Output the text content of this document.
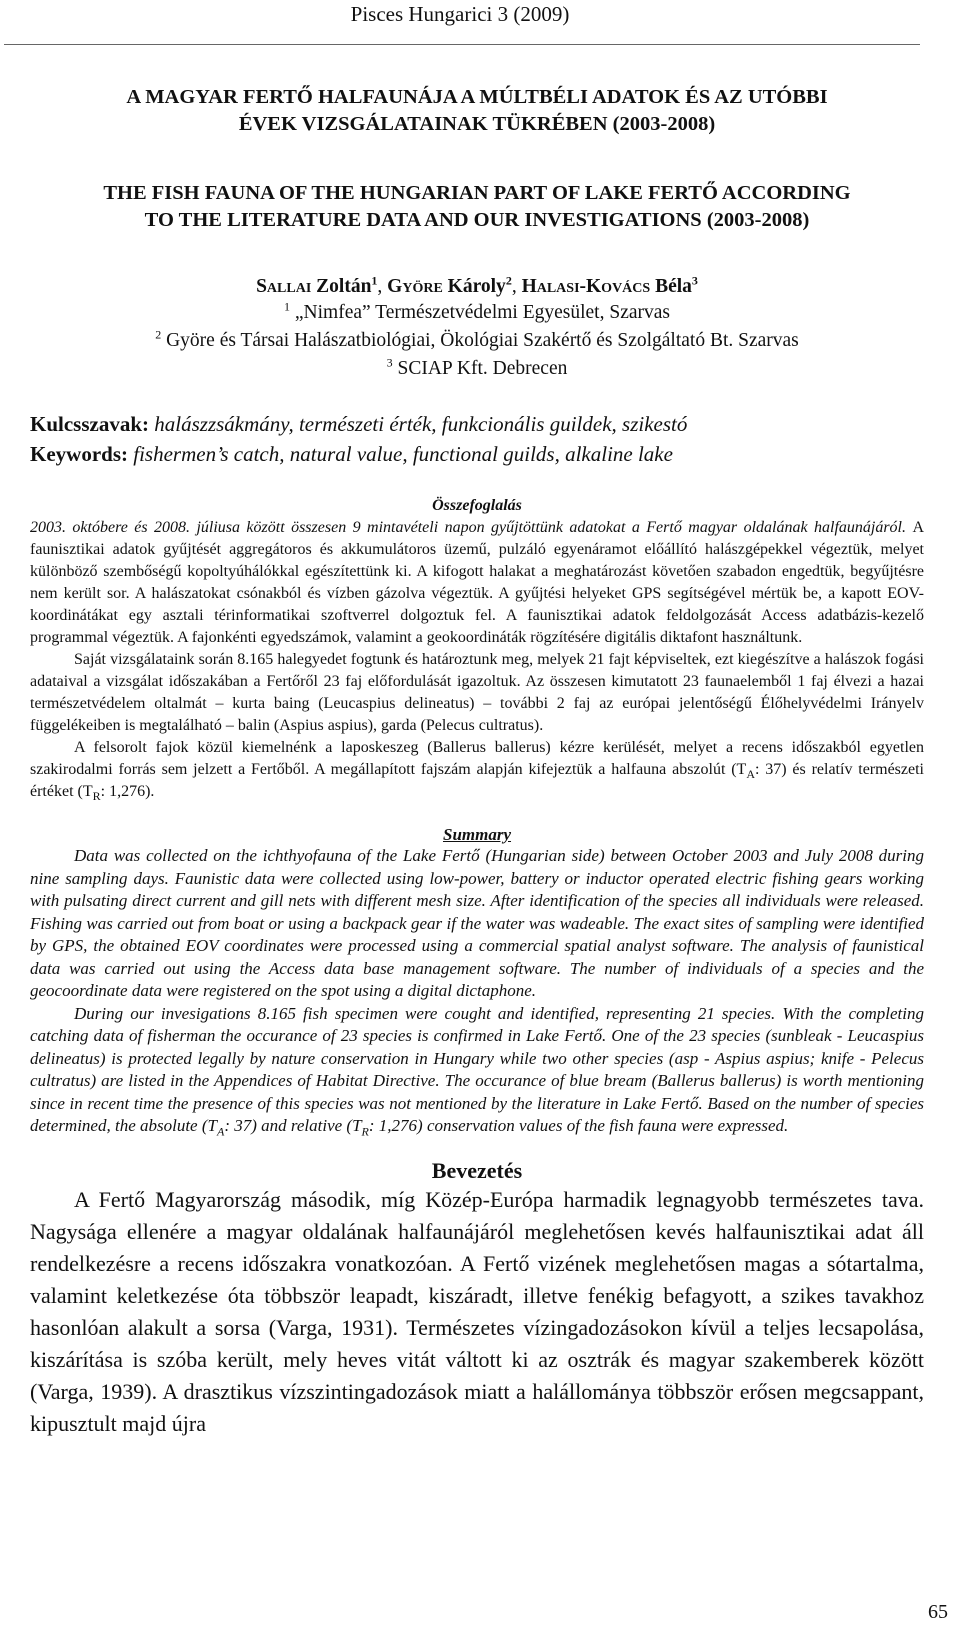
Pisces Hungarici 3 (2009)
A MAGYAR FERTŐ HALFAUNÁJA A MÚLTBÉLI ADATOK ÉS AZ UTÓBBI
ÉVEK VIZSGÁLATAINAK TÜKRÉBEN (2003-2008)
THE FISH FAUNA OF THE HUNGARIAN PART OF LAKE FERTŐ ACCORDING
TO THE LITERATURE DATA AND OUR INVESTIGATIONS (2003-2008)
Sallai Zoltán$^1$, Györe Károly$^2$, Halasi-Kovács Béla$^3$
$^1$ „Nimfea” Természetvédelmi Egyesület, Szarvas
$^2$ Györe és Társai Halászatbiológiai, Ökológiai Szakértő és Szolgáltató Bt. Szarvas
$^3$ SCIAP Kft. Debrecen
Kulcsszavak: halászzsákmány, természeti érték, funkcionális guildek, szikestó
Keywords: fishermen’s catch, natural value, functional guilds, alkaline lake
Összefoglalás

2003. októbere és 2008. júliusa között összesen 9 mintavételi napon gyűjtöttünk adatokat a Fertő magyar oldalának halfaunájáról. A faunisztikai adatok gyűjtését aggregátoros és akkumulátoros üzemű, pulzáló egyenáramot előállító halászgépekkel végeztük, melyet különböző szembőségű kopoltyúhálókkal egészítettünk ki. A kifogott halakat a meghatározást követően szabadon engedtük, begyűjtésre nem került sor. A halászatokat csónakból és vízben gázolva végeztük. A gyűjtési helyeket GPS segítségével mértük be, a kapott EOV-koordinátákat egy asztali térinformatikai szoftverrel dolgoztuk fel. A faunisztikai adatok feldolgozását Access adatbázis-kezelő programmal végeztük. A fajonkénti egyedszámok, valamint a geokoordináták rögzítésére digitális diktafont használtunk.

Saját vizsgálataink során 8.165 halegyedet fogtunk és határoztunk meg, melyek 21 fajt képviseltek, ezt kiegészítve a halászok fogási adataival a vizsgálat időszakában a Fertőről 23 faj előfordulását igazoltuk. Az összesen kimutatott 23 faunaelemből 1 faj élvezi a hazai természetvédelem oltalmát – kurta baing (Leucaspius delineatus) – további 2 faj az európai jelentőségű Élőhelyvédelmi Irányelv függelékeiben is megtalálható – balin (Aspius aspius), garda (Pelecus cultratus).

A felsorolt fajok közül kiemelnénk a laposkeszeg (Ballerus ballerus) kézre kerülését, melyet a recens időszakból egyetlen szakirodalmi forrás sem jelzett a Fertőből. A megállapított fajszám alapján kifejeztük a halfauna abszolút ($T_A$: 37) és relatív természeti értéket ($T_R$: 1,276).

Summary

Data was collected on the ichthyofauna of the Lake Fertő (Hungarian side) between October 2003 and July 2008 during nine sampling days. Faunistic data were collected using low-power, battery or inductor operated electric fishing gears working with pulsating direct current and gill nets with different mesh size. After identification of the species all individuals were released. Fishing was carried out from boat or using a backpack gear if the water was wadeable. The exact sites of sampling were identified by GPS, the obtained EOV coordinates were processed using a commercial spatial analyst software. The analysis of faunistical data was carried out using the Access data base management software. The number of individuals of a species and the geocoordinate data were registered on the spot using a digital dictaphone.

During our invesigations 8.165 fish specimen were cought and identified, representing 21 species. With the completing catching data of fisherman the occurance of 23 species is confirmed in Lake Fertő. One of the 23 species (sunbleak - Leucaspius delineatus) is protected legally by nature conservation in Hungary while two other species (asp - Aspius aspius; knife - Pelecus cultratus) are listed in the Appendices of Habitat Directive. The occurance of blue bream (Ballerus ballerus) is worth mentioning since in recent time the presence of this species was not mentioned by the literature in Lake Fertő. Based on the number of species determined, the absolute ($T_A$: 37) and relative ($T_R$: 1,276) conservation values of the fish fauna were expressed.

Bevezetés

A Fertő Magyarország második, míg Közép-Európa harmadik legnagyobb természetes tava. Nagysága ellenére a magyar oldalának halfaunájáról meglehetősen kevés halfaunisztikai adat áll rendelkezésre a recens időszakra vonatkozóan. A Fertő vizének meglehetősen magas a sótartalma, valamint keletkezése óta többször leapadt, kiszáradt, illetve fenékig befagyott, a szikes tavakhoz hasonlóan alakult a sorsa (Varga, 1931). Természetes vízingadozásokon kívül a teljes lecsapolása, kiszárítása is szóba került, mely heves vitát váltott ki az osztrák és magyar szakemberek között (Varga, 1939). A drasztikus vízszintingadozások miatt a halállománya többször erősen megcsappant, kipusztult majd újra

65
